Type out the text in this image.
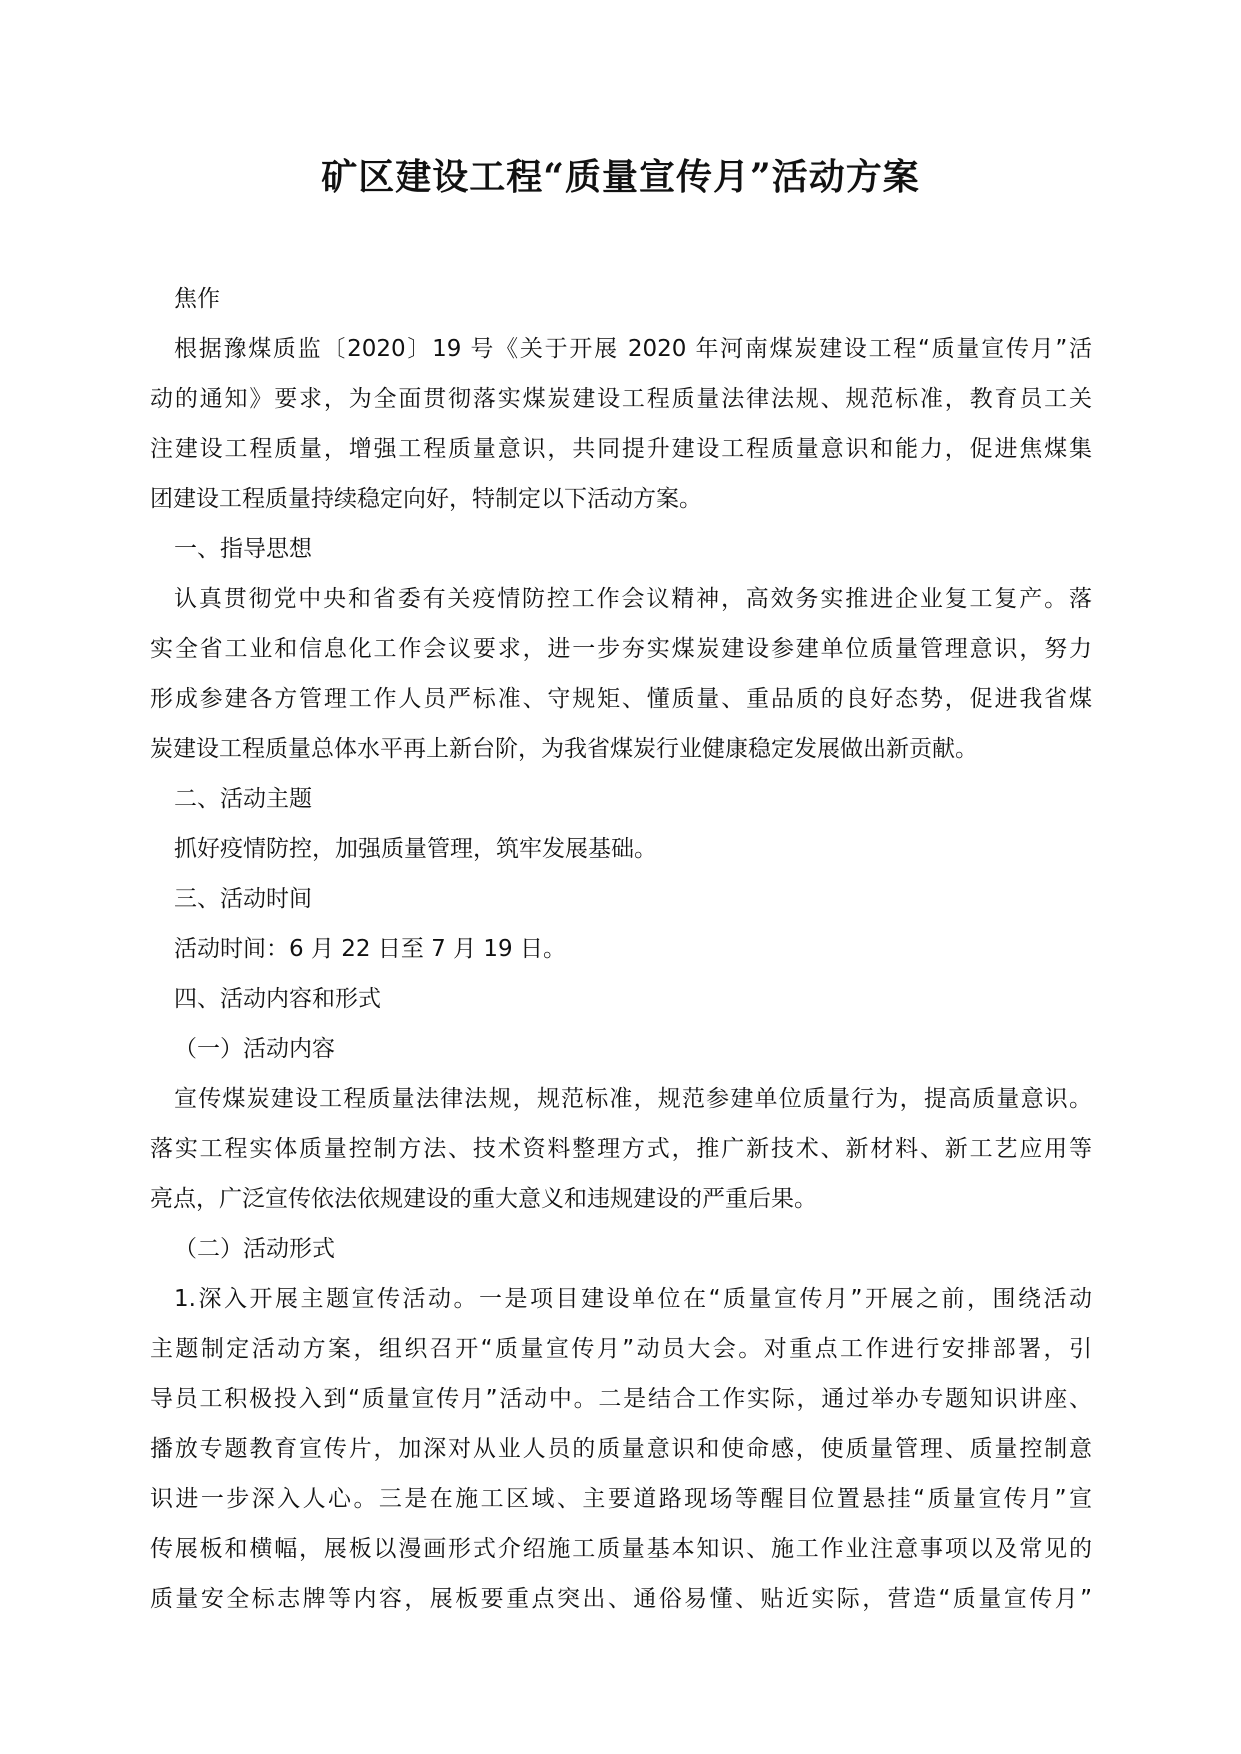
矿区建设工程“质量宣传月”活动方案

焦作

根据豫煤质监〔2020〕19 号《关于开展 2020 年河南煤炭建设工程“质量宣传月”活

动的通知》要求，为全面贯彻落实煤炭建设工程质量法律法规、规范标准，教育员工关

注建设工程质量，增强工程质量意识，共同提升建设工程质量意识和能力，促进焦煤集

团建设工程质量持续稳定向好，特制定以下活动方案。

一、指导思想

认真贯彻党中央和省委有关疫情防控工作会议精神，高效务实推进企业复工复产。落

实全省工业和信息化工作会议要求，进一步夯实煤炭建设参建单位质量管理意识，努力

形成参建各方管理工作人员严标准、守规矩、懂质量、重品质的良好态势，促进我省煤

炭建设工程质量总体水平再上新台阶，为我省煤炭行业健康稳定发展做出新贡献。

二、活动主题

抓好疫情防控，加强质量管理，筑牢发展基础。

三、活动时间

活动时间：6 月 22 日至 7 月 19 日。

四、活动内容和形式

（一）活动内容

宣传煤炭建设工程质量法律法规，规范标准，规范参建单位质量行为，提高质量意识。

落实工程实体质量控制方法、技术资料整理方式，推广新技术、新材料、新工艺应用等

亮点，广泛宣传依法依规建设的重大意义和违规建设的严重后果。

（二）活动形式

1.深入开展主题宣传活动。一是项目建设单位在“质量宣传月”开展之前，围绕活动

主题制定活动方案，组织召开“质量宣传月”动员大会。对重点工作进行安排部署，引

导员工积极投入到“质量宣传月”活动中。二是结合工作实际，通过举办专题知识讲座、

播放专题教育宣传片，加深对从业人员的质量意识和使命感，使质量管理、质量控制意

识进一步深入人心。三是在施工区域、主要道路现场等醒目位置悬挂“质量宣传月”宣

传展板和横幅，展板以漫画形式介绍施工质量基本知识、施工作业注意事项以及常见的

质量安全标志牌等内容，展板要重点突出、通俗易懂、贴近实际，营造“质量宣传月”
